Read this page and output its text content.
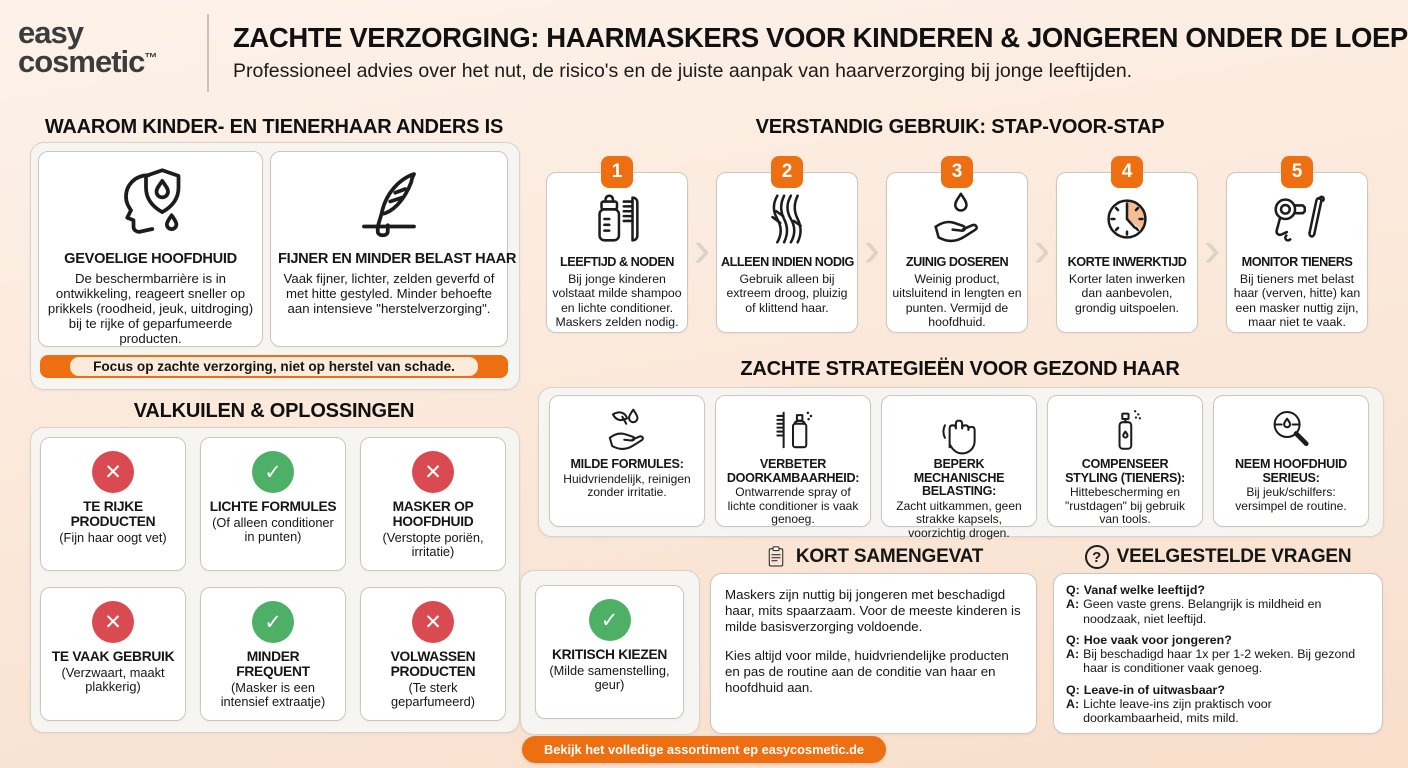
easy
cosmetic™
ZACHTE VERZORGING: HAARMASKERS VOOR KINDEREN & JONGEREN ONDER DE LOEP
Professioneel advies over het nut, de risico's en de juiste aanpak van haarverzorging bij jonge leeftijden.
WAAROM KINDER- EN TIENERHAAR ANDERS IS
GEVOELIGE HOOFDHUID

De beschermbarrière is in ontwikkeling, reageert sneller op prikkels (roodheid, jeuk, uitdroging) bij te rijke of geparfumeerde producten.

FIJNER EN MINDER BELAST HAAR

Vaak fijner, lichter, zelden geverfd of met hitte gestyled. Minder behoefte aan intensieve "herstelverzorging".

Focus op zachte verzorging, niet op herstel van schade.
VERSTANDIG GEBRUIK: STAP-VOOR-STAP
1
LEEFTIJD & NODEN

Bij jonge kinderen volstaat milde shampoo en lichte conditioner. Maskers zelden nodig.

›
2
ALLEEN INDIEN NODIG

Gebruik alleen bij extreem droog, pluizig of klittend haar.

›
3
ZUINIG DOSEREN

Weinig product, uitsluitend in lengten en punten. Vermijd de hoofdhuid.

›
4
KORTE INWERKTIJD

Korter laten inwerken dan aanbevolen, grondig uitspoelen.

›
5
MONITOR TIENERS

Bij tieners met belast haar (verven, hitte) kan een masker nuttig zijn, maar niet te vaak.

VALKUILEN & OPLOSSINGEN
✕
TE RIJKE PRODUCTEN

(Fijn haar oogt vet)

✓
LICHTE FORMULES

(Of alleen conditioner in punten)

✕
MASKER OP HOOFDHUID

(Verstopte poriën, irritatie)

✕
TE VAAK GEBRUIK

(Verzwaart, maakt plakkerig)

✓
MINDER FREQUENT

(Masker is een intensief extraatje)

✕
VOLWASSEN PRODUCTEN

(Te sterk geparfumeerd)

✓
KRITISCH KIEZEN

(Milde samenstelling, geur)

ZACHTE STRATEGIEËN VOOR GEZOND HAAR
MILDE FORMULES:

Huidvriendelijk, reinigen zonder irritatie.

VERBETER DOORKAMBAARHEID:

Ontwarrende spray of lichte conditioner is vaak genoeg.

BEPERK MECHANISCHE BELASTING:

Zacht uitkammen, geen strakke kapsels, voorzichtig drogen.

COMPENSEER STYLING (TIENERS):

Hittebescherming en "rustdagen" bij gebruik van tools.

NEEM HOOFDHUID SERIEUS:

Bij jeuk/schilfers: versimpel de routine.

KORT SAMENGEVAT

Maskers zijn nuttig bij jongeren met beschadigd haar, mits spaarzaam. Voor de meeste kinderen is milde basisverzorging voldoende.

Kies altijd voor milde, huidvriendelijke producten en pas de routine aan de conditie van haar en hoofdhuid aan.

? VEELGESTELDE VRAGEN
Q: Vanaf welke leeftijd?
A: Geen vaste grens. Belangrijk is mildheid en noodzaak, niet leeftijd.
Q: Hoe vaak voor jongeren?
A: Bij beschadigd haar 1x per 1-2 weken. Bij gezond haar is conditioner vaak genoeg.
Q: Leave-in of uitwasbaar?
A: Lichte leave-ins zijn praktisch voor doorkambaarheid, mits mild.
Bekijk het volledige assortiment ep easycosmetic.de
